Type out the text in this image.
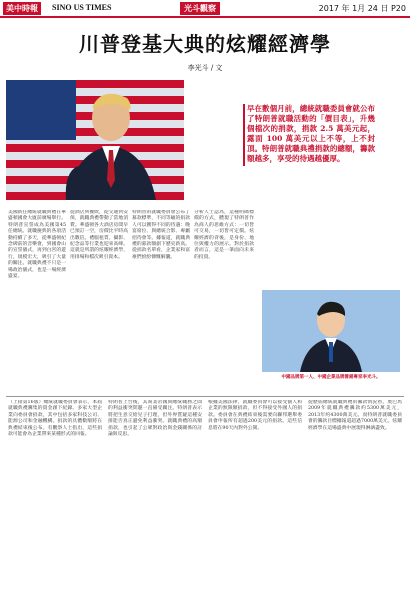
美中時報	SINO US TIMES	光斗觀察	2017 年 1月 24 日 P20
川普登基大典的炫耀經濟學
李光斗 / 文
早在數個月前，總統就職委員會就公布了特朗普就職活動的「價目表」，升幾個檔次的捐款，捐款 2.5 萬美元起，露面 100 萬美元以上不等，上不封頂。特朗普就職典禮捐款的總額，籌款額越多，享受的待遇越優厚。
美國新任總統就職典禮在華盛頓國會大廈前廣場舉行。特朗普宣誓成為美國第45任總統。就職慶典的各項活動持續了多天，從華盛頓紀念碑前的音樂會，到國會山的宣誓儀式，再到白宮的遊行，規模宏大，吸引了大量的關注。就職典禮不只是一場政治儀式，也是一場經濟盛宴。
從酒店到餐飲，從交通到安保，就職典禮帶動了當地消費。華盛頓各大酒店房間早已預訂一空，房價比平時高出數倍。禮服租賃、攝影、紀念品等行業也迎來高峰。這就是所謂的炫耀經濟學，用排場和檔次吸引資本。
特朗普的就職委員會公布了募款標準，不同等級的捐款人可以獲得不同的待遇：晚宴席位、與總統合影、專屬招待會等。據報道，就職典禮的募款額創下歷史新高。從捐款名單看，企業家和富豪們紛紛慷慨解囊。
分析人士認為，這種明碼標價的方式，體現了特朗普作為商人的思維方式：一切皆可交易，一切皆可定價。炫耀經濟的背後，是身份、地位與權力的展示。對於捐款者而言，這是一筆面向未來的投資。
中國品牌第一人、中國企業品牌營銷專家李光斗。
（上接第16版）總統就職委員會表示，本屆就職典禮籌集的資金創下紀錄。多家大型企業向委員會捐款，其中包括多家科技公司、能源公司和金融機構。捐款的具體數額將在典禮結束後公布。有觀察人士指出，這些捐款可能會為企業帶來某種形式的回報。
特朗普上台後，其商業帝國與總統職務之間的利益衝突問題一直備受關注。特朗普表示將把生意交給兒子打理，但外界質疑這種安排能否真正避免利益衝突。就職典禮的高額捐款，也引起了公眾對政治與金錢關係的討論與反思。
根據美國法律，就職委員會可以接受個人和企業的無限額捐款，但不得接受外國人的捐款。委員會在典禮結束後需要向聯邦選舉委員會申報所有超過200美元的捐款。這些信息將在90天內對外公開。
從歷屆總統就職典禮的籌款情況看，奧巴馬2009年就職典禮籌款約5300萬美元，2013年約4300萬美元。而特朗普就職委員會的籌款目標據報道超過7000萬美元。炫耀經濟學在這場盛典中展現得淋漓盡致。
